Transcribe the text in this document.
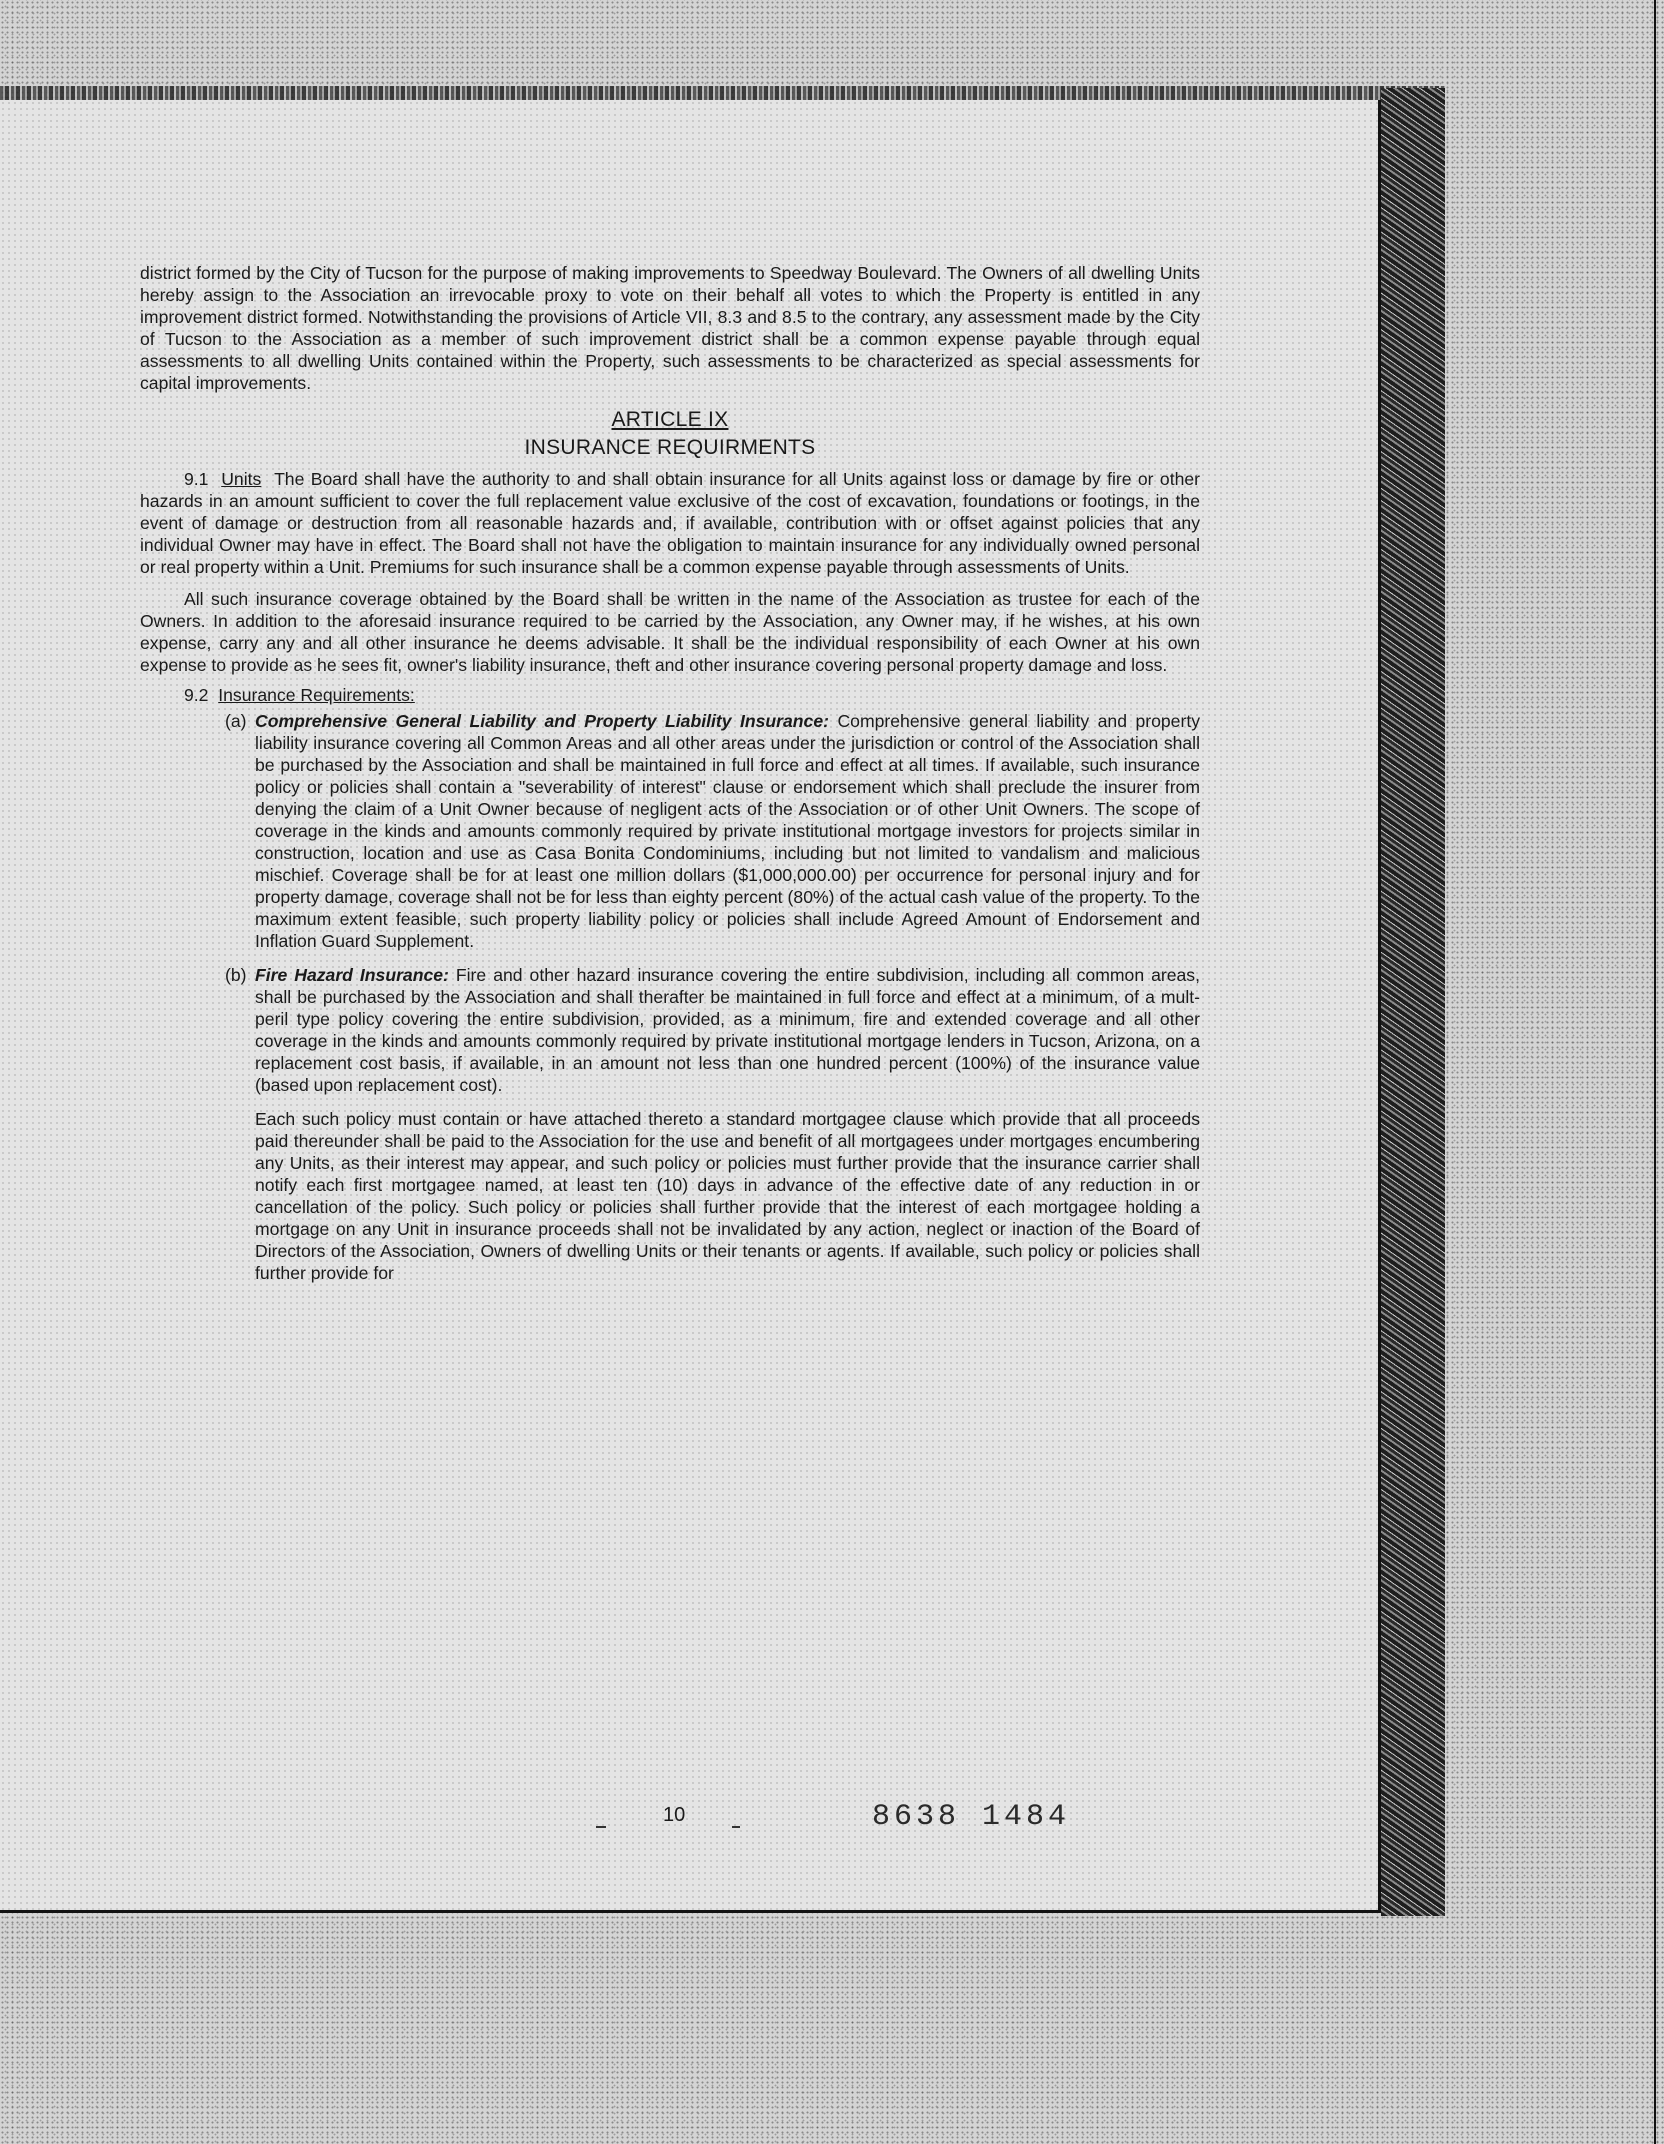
district formed by the City of Tucson for the purpose of making improvements to Speedway Boulevard. The Owners of all dwelling Units hereby assign to the Association an irrevocable proxy to vote on their behalf all votes to which the Property is entitled in any improvement district formed. Notwithstanding the provisions of Article VII, 8.3 and 8.5 to the contrary, any assessment made by the City of Tucson to the Association as a member of such improvement district shall be a common expense payable through equal assessments to all dwelling Units contained within the Property, such assessments to be characterized as special assessments for capital improvements.

ARTICLE IX

INSURANCE REQUIRMENTS

9.1 Units The Board shall have the authority to and shall obtain insurance for all Units against loss or damage by fire or other hazards in an amount sufficient to cover the full replacement value exclusive of the cost of excavation, foundations or footings, in the event of damage or destruction from all reasonable hazards and, if available, contribution with or offset against policies that any individual Owner may have in effect. The Board shall not have the obligation to maintain insurance for any individually owned personal or real property within a Unit. Premiums for such insurance shall be a common expense payable through assessments of Units.

All such insurance coverage obtained by the Board shall be written in the name of the Association as trustee for each of the Owners. In addition to the aforesaid insurance required to be carried by the Association, any Owner may, if he wishes, at his own expense, carry any and all other insurance he deems advisable. It shall be the individual responsibility of each Owner at his own expense to provide as he sees fit, owner's liability insurance, theft and other insurance covering personal property damage and loss.

9.2 Insurance Requirements:

(a) Comprehensive General Liability and Property Liability Insurance: Comprehensive general liability and property liability insurance covering all Common Areas and all other areas under the jurisdiction or control of the Association shall be purchased by the Association and shall be maintained in full force and effect at all times. If available, such insurance policy or policies shall contain a "severability of interest" clause or endorsement which shall preclude the insurer from denying the claim of a Unit Owner because of negligent acts of the Association or of other Unit Owners. The scope of coverage in the kinds and amounts commonly required by private institutional mortgage investors for projects similar in construction, location and use as Casa Bonita Condominiums, including but not limited to vandalism and malicious mischief. Coverage shall be for at least one million dollars ($1,000,000.00) per occurrence for personal injury and for property damage, coverage shall not be for less than eighty percent (80%) of the actual cash value of the property. To the maximum extent feasible, such property liability policy or policies shall include Agreed Amount of Endorsement and Inflation Guard Supplement.

(b) Fire Hazard Insurance: Fire and other hazard insurance covering the entire subdivision, including all common areas, shall be purchased by the Association and shall therafter be maintained in full force and effect at a minimum, of a mult-peril type policy covering the entire subdivision, provided, as a minimum, fire and extended coverage and all other coverage in the kinds and amounts commonly required by private institutional mortgage lenders in Tucson, Arizona, on a replacement cost basis, if available, in an amount not less than one hundred percent (100%) of the insurance value (based upon replacement cost).

Each such policy must contain or have attached thereto a standard mortgagee clause which provide that all proceeds paid thereunder shall be paid to the Association for the use and benefit of all mortgagees under mortgages encumbering any Units, as their interest may appear, and such policy or policies must further provide that the insurance carrier shall notify each first mortgagee named, at least ten (10) days in advance of the effective date of any reduction in or cancellation of the policy. Such policy or policies shall further provide that the interest of each mortgagee holding a mortgage on any Unit in insurance proceeds shall not be invalidated by any action, neglect or inaction of the Board of Directors of the Association, Owners of dwelling Units or their tenants or agents. If available, such policy or policies shall further provide for

10	8638 1484
